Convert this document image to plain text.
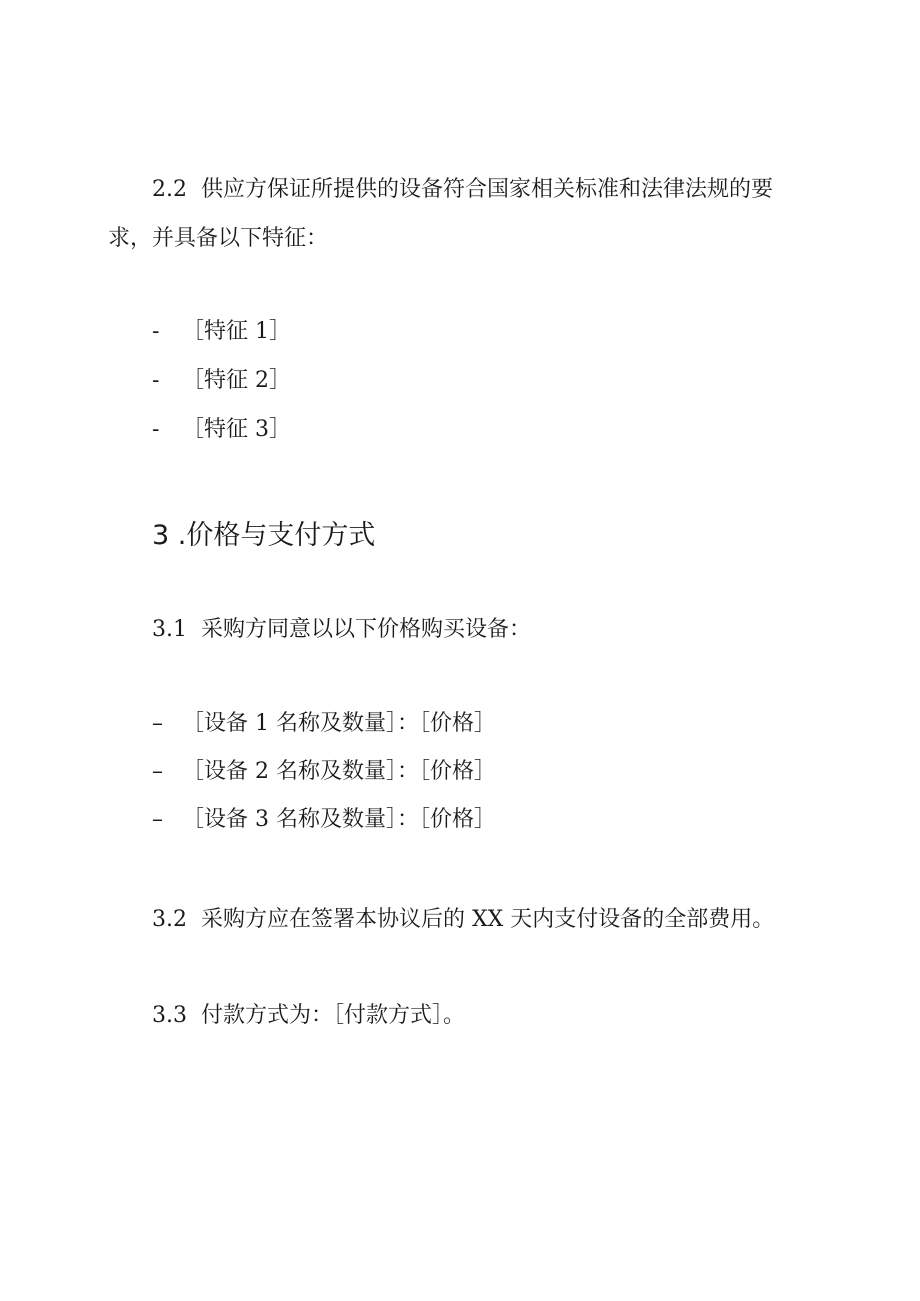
2.2 供应方保证所提供的设备符合国家相关标准和法律法规的要
求，并具备以下特征：
- ［特征 1］
- ［特征 2］
- ［特征 3］
3 .价格与支付方式
3.1 采购方同意以以下价格购买设备：
– ［设备 1 名称及数量］：［价格］
– ［设备 2 名称及数量］：［价格］
– ［设备 3 名称及数量］：［价格］
3.2 采购方应在签署本协议后的 XX 天内支付设备的全部费用。
3.3 付款方式为：［付款方式］。
